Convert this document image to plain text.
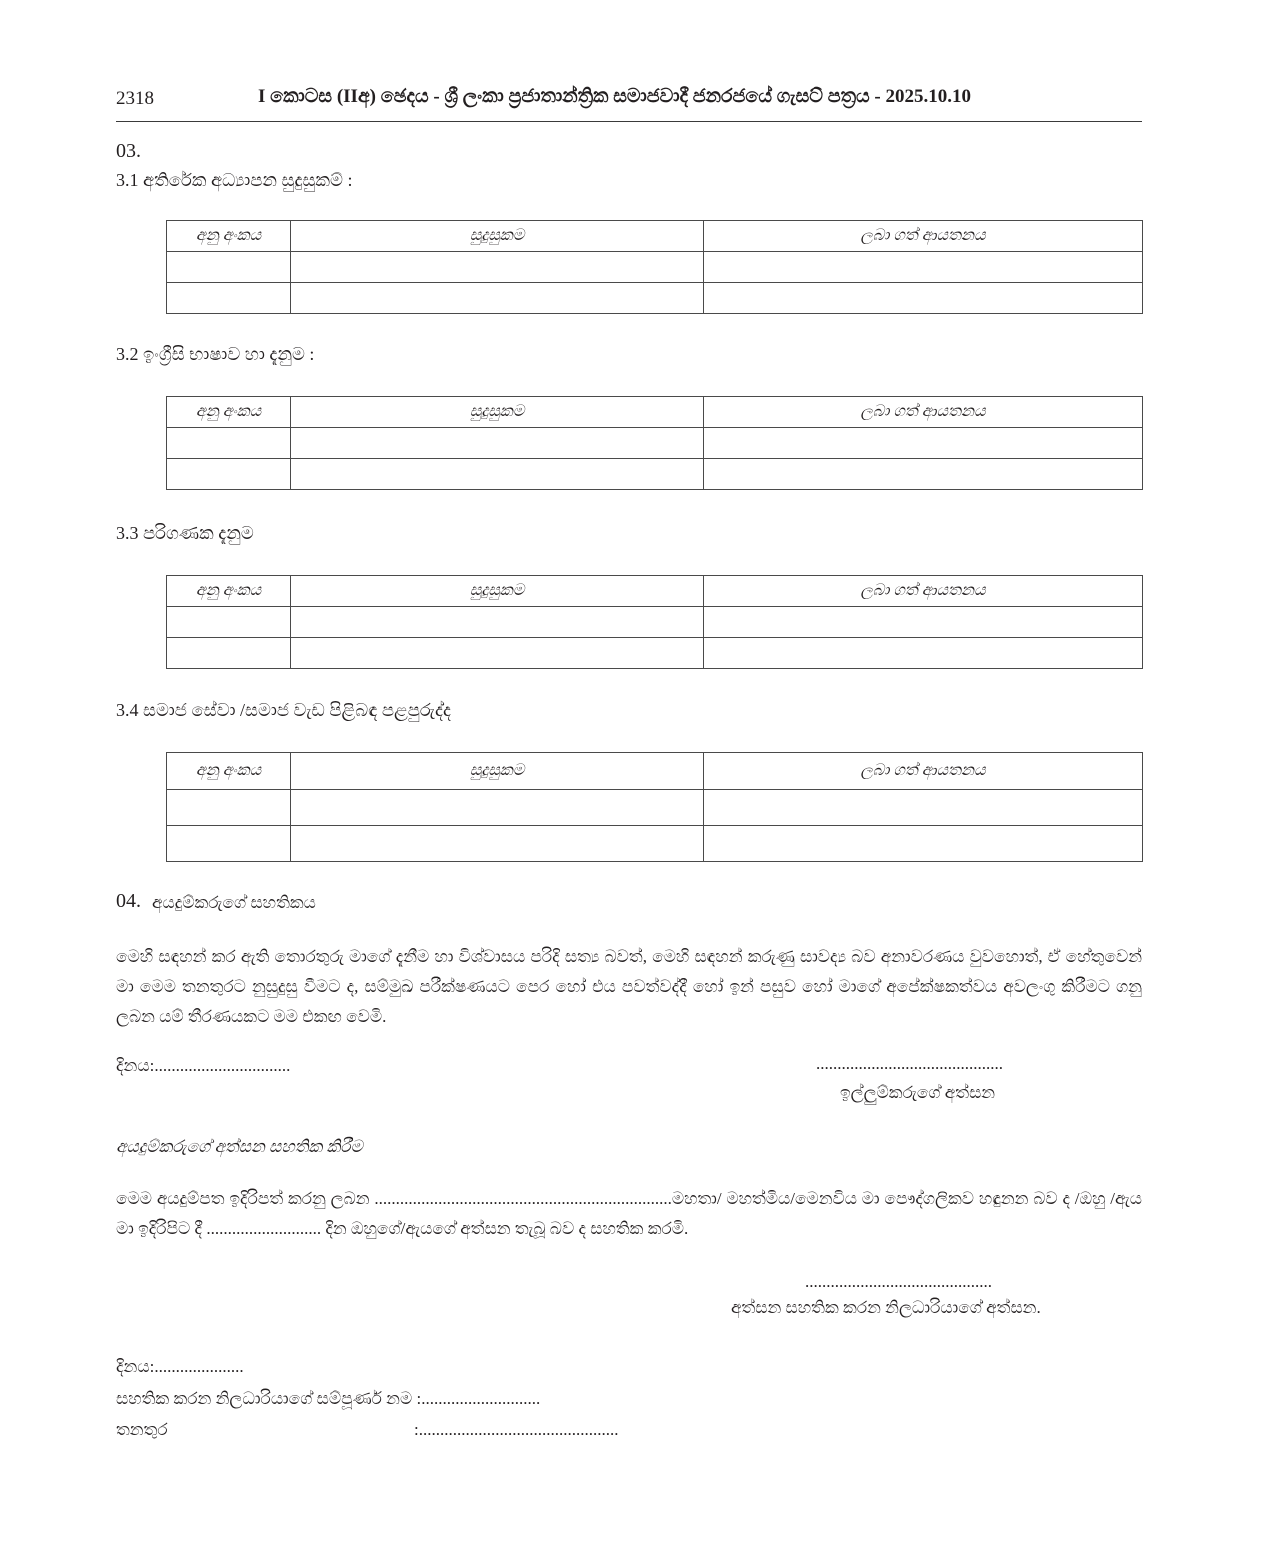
2318	I කොටස (IIඅ) ඡෙදය - ශ්‍රී ලංකා ප්‍රජාතාන්ත්‍රික සමාජවාදී ජනරජයේ ගැසට් පත්‍රය - 2025.10.10
03.
3.1 අතිරේක අධ්‍යාපන සුදුසුකම් :
අනු අංකය	සුදුසුකම	ලබා ගත් ආයතනය

3.2 ඉංග්‍රීසි භාෂාව හා දැනුම :
අනු අංකය	සුදුසුකම	ලබා ගත් ආයතනය

3.3 පරිගණක දැනුම
අනු අංකය	සුදුසුකම	ලබා ගත් ආයතනය

3.4 සමාජ සේවා /සමාජ වැඩ පිළිබඳ පළපුරුද්ද
අනු අංකය	සුදුසුකම	ලබා ගත් ආයතනය

04. අයදුම්කරුගේ සහතිකය
මෙහි සඳහන් කර ඇති තොරතුරු මාගේ දැනීම හා විශ්වාසය පරිදි සත්‍ය බවත්, මෙහි සඳහන් කරුණු සාවද්‍ය බව අනාවරණය වුවහොත්, ඒ හේතුවෙන් මා මෙම තනතුරට නුසුදුසු වීමට ද, සම්මුඛ පරීක්ෂණයට පෙර හෝ එය පවත්වද්දී හෝ ඉන් පසුව හෝ මාගේ අපේක්ෂකත්වය අවලංගු කිරීමට ගනු ලබන යම් තීරණයකට මම එකඟ වෙමි.
දිනය:................................	............................................
ඉල්ලුම්කරුගේ අත්සන
අයදුම්කරුගේ අත්සන සහතික කිරීම
මෙම අයදුම්පත ඉදිරිපත් කරනු ලබන ......................................................................මහතා/ මහත්මිය/මෙනවිය මා පෞද්ගලිකව හඳුනන බව ද /ඔහු /ඇය මා ඉදිරිපිට දී ........................... දින ඔහුගේ/ඇයගේ අත්සන තැබූ බව ද සහතික කරමි.
............................................
අත්සන සහතික කරන නිලධාරියාගේ අත්සන.
දිනය:.....................
සහතික කරන නිලධාරියාගේ සම්පූර්ණ නම :............................
තනතුර	:...............................................
